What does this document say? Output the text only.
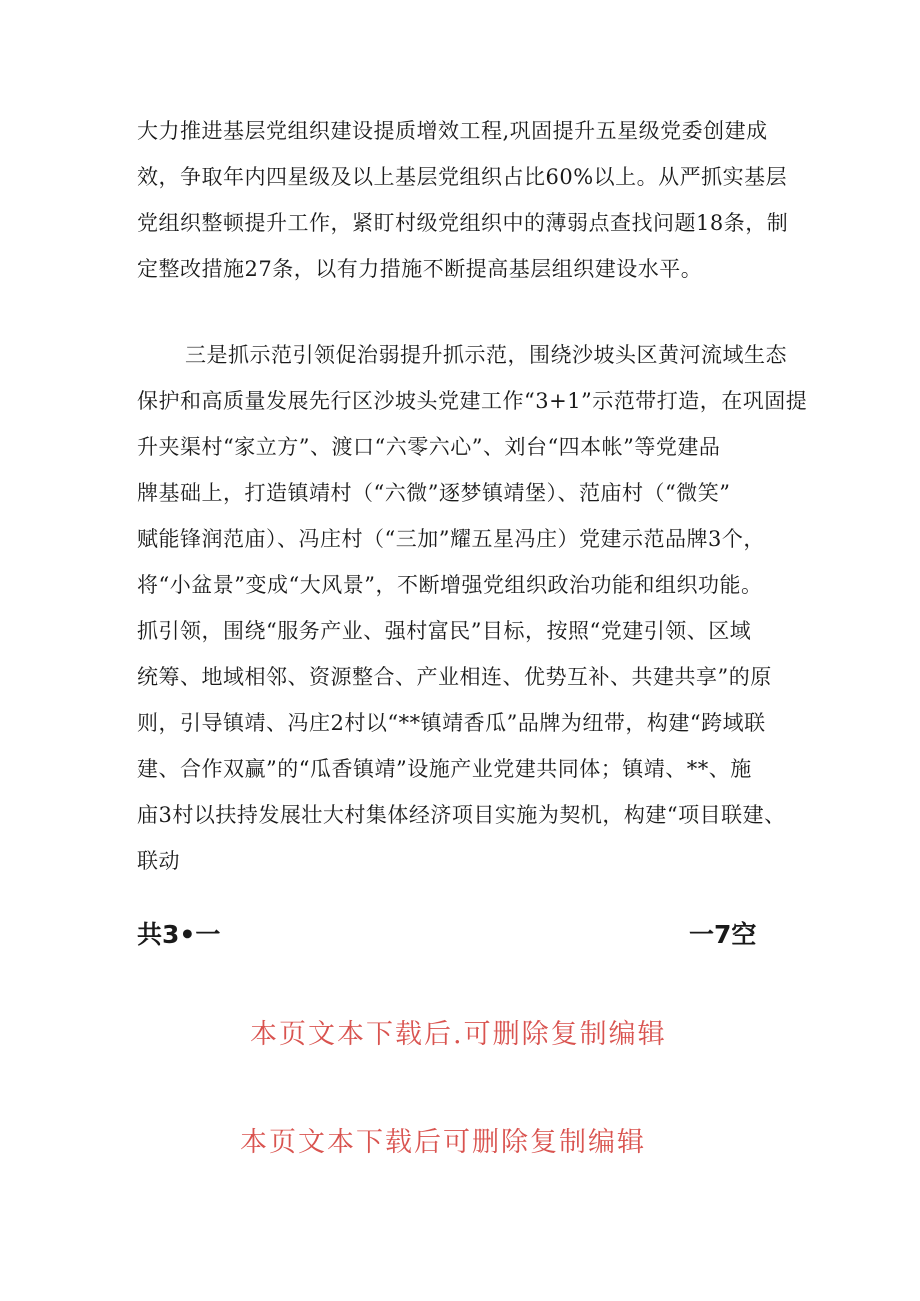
大力推进基层党组织建设提质增效工程,巩固提升五星级党委创建成
效，争取年内四星级及以上基层党组织占比60%以上。从严抓实基层
党组织整顿提升工作，紧盯村级党组织中的薄弱点查找问题18条，制
定整改措施27条，以有力措施不断提高基层组织建设水平。
三是抓示范引领促治弱提升抓示范，围绕沙坡头区黄河流域生态
保护和高质量发展先行区沙坡头党建工作“3+1”示范带打造，在巩固提
升夹渠村“家立方”、渡口“六零六心”、刘台“四本帐”等党建品
牌基础上，打造镇靖村（“六微”逐梦镇靖堡）、范庙村（“微笑”
赋能锋润范庙）、冯庄村（“三加”耀五星冯庄）党建示范品牌3个，
将“小盆景”变成“大风景”，不断增强党组织政治功能和组织功能。
抓引领，围绕“服务产业、强村富民”目标，按照“党建引领、区域
统筹、地域相邻、资源整合、产业相连、优势互补、共建共享”的原
则，引导镇靖、冯庄2村以“**镇靖香瓜”品牌为纽带，构建“跨域联
建、合作双赢”的“瓜香镇靖”设施产业党建共同体；镇靖、**、施
庙3村以扶持发展壮大村集体经济项目实施为契机，构建“项目联建、
联动
共3•一	一7空
本页文本下载后.可删除复制编辑
本页文本下载后可删除复制编辑
